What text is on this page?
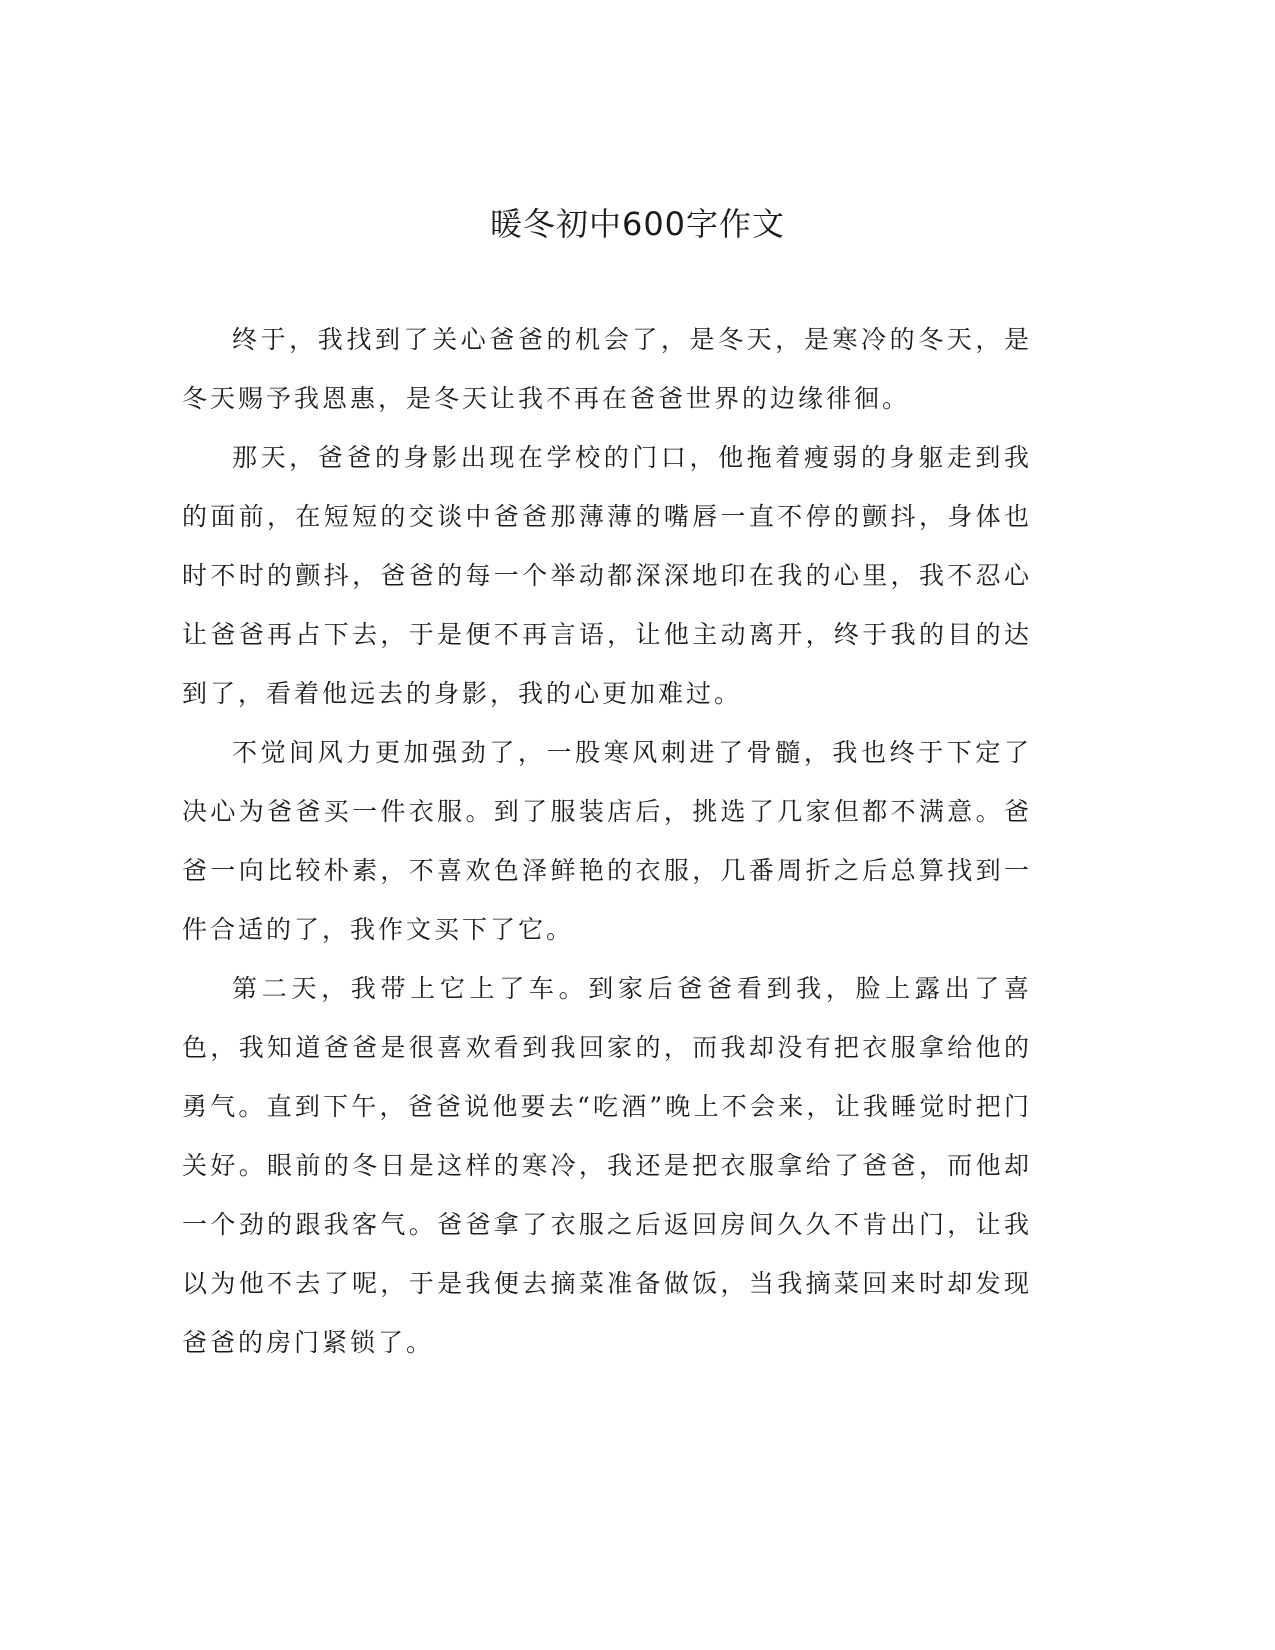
暖冬初中600字作文

终于，我找到了关心爸爸的机会了，是冬天，是寒冷的冬天，是冬天赐予我恩惠，是冬天让我不再在爸爸世界的边缘徘徊。

那天，爸爸的身影出现在学校的门口，他拖着瘦弱的身躯走到我的面前，在短短的交谈中爸爸那薄薄的嘴唇一直不停的颤抖，身体也时不时的颤抖，爸爸的每一个举动都深深地印在我的心里，我不忍心让爸爸再占下去，于是便不再言语，让他主动离开，终于我的目的达到了，看着他远去的身影，我的心更加难过。

不觉间风力更加强劲了，一股寒风刺进了骨髓，我也终于下定了决心为爸爸买一件衣服。到了服装店后，挑选了几家但都不满意。爸爸一向比较朴素，不喜欢色泽鲜艳的衣服，几番周折之后总算找到一件合适的了，我作文买下了它。

第二天，我带上它上了车。到家后爸爸看到我，脸上露出了喜色，我知道爸爸是很喜欢看到我回家的，而我却没有把衣服拿给他的勇气。直到下午，爸爸说他要去“吃酒”晚上不会来，让我睡觉时把门关好。眼前的冬日是这样的寒冷，我还是把衣服拿给了爸爸，而他却一个劲的跟我客气。爸爸拿了衣服之后返回房间久久不肯出门，让我以为他不去了呢，于是我便去摘菜准备做饭，当我摘菜回来时却发现爸爸的房门紧锁了。
